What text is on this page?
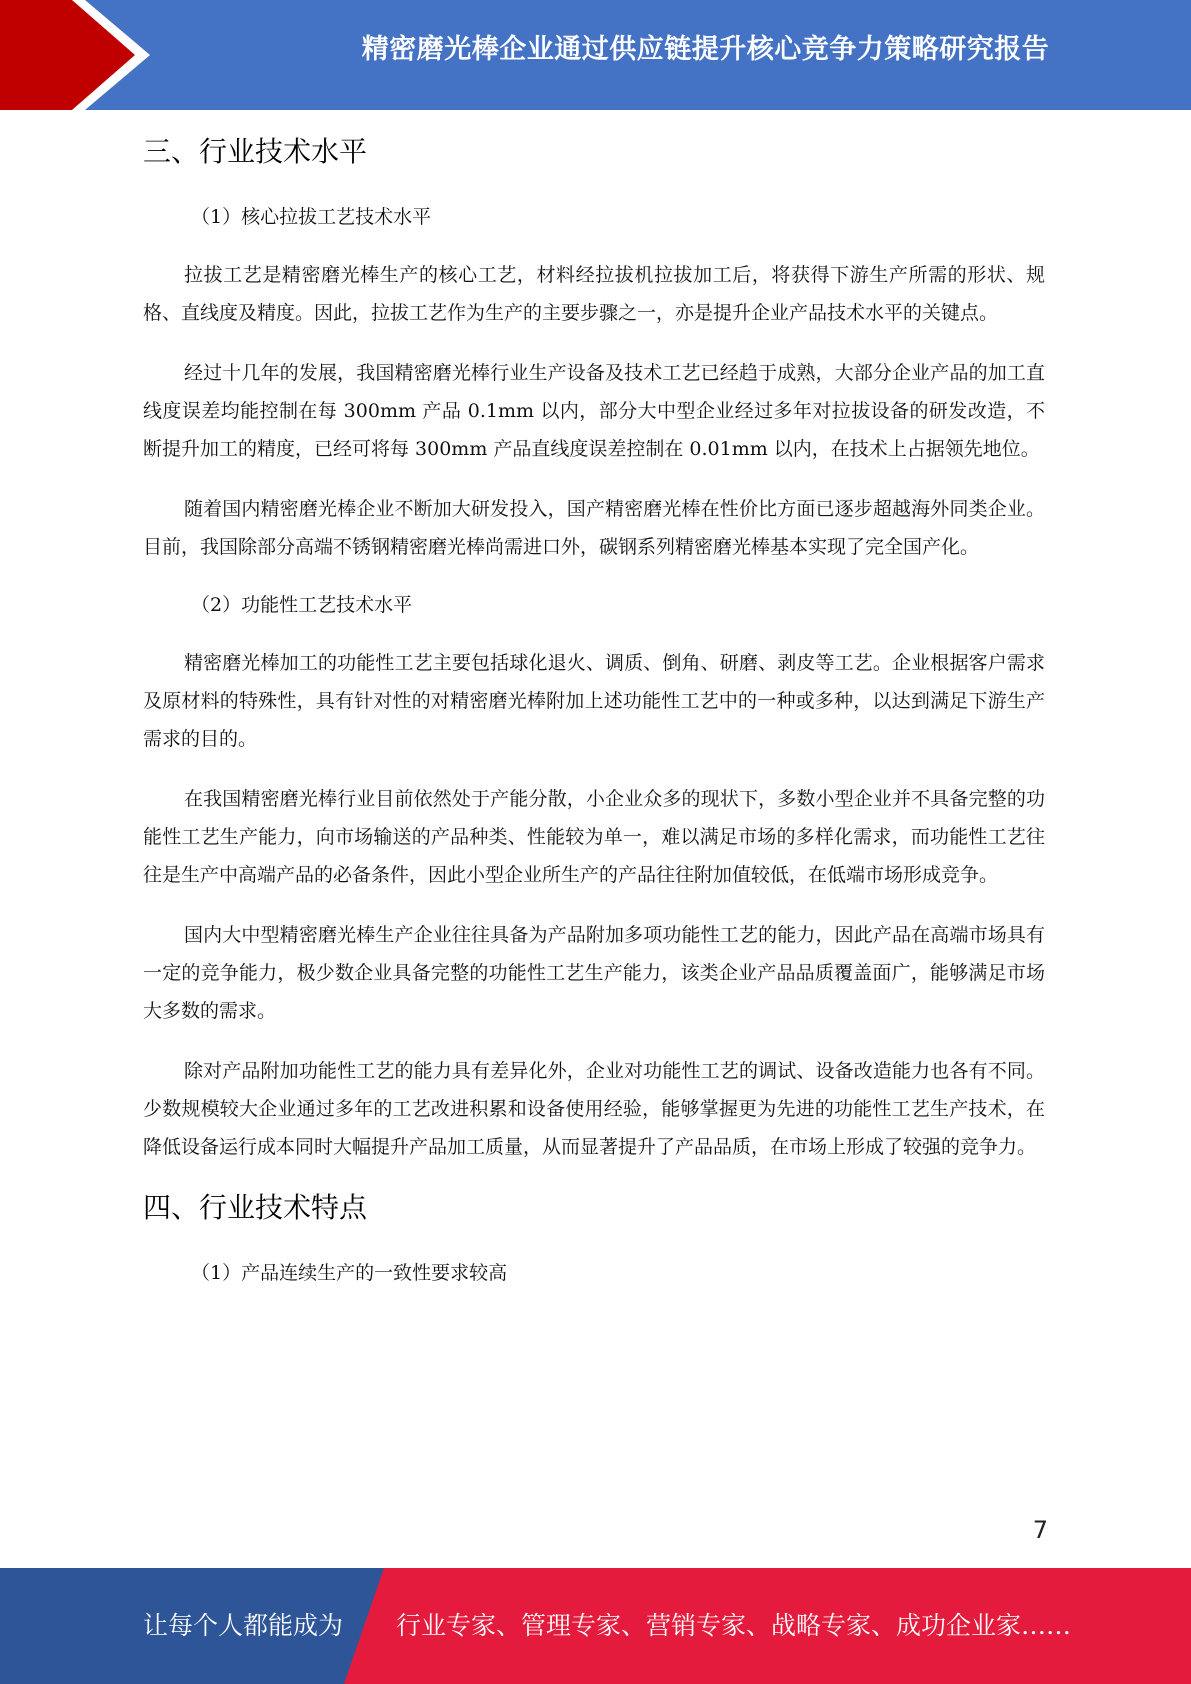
精密磨光棒企业通过供应链提升核心竞争力策略研究报告
三、行业技术水平
（1）核心拉拔工艺技术水平

拉拔工艺是精密磨光棒生产的核心工艺，材料经拉拔机拉拔加工后，将获得下游生产所需的形状、规格、直线度及精度。因此，拉拔工艺作为生产的主要步骤之一，亦是提升企业产品技术水平的关键点。

经过十几年的发展，我国精密磨光棒行业生产设备及技术工艺已经趋于成熟，大部分企业产品的加工直线度误差均能控制在每 300mm 产品 0.1mm 以内，部分大中型企业经过多年对拉拔设备的研发改造，不断提升加工的精度，已经可将每 300mm 产品直线度误差控制在 0.01mm 以内，在技术上占据领先地位。

随着国内精密磨光棒企业不断加大研发投入，国产精密磨光棒在性价比方面已逐步超越海外同类企业。目前，我国除部分高端不锈钢精密磨光棒尚需进口外，碳钢系列精密磨光棒基本实现了完全国产化。

（2）功能性工艺技术水平

精密磨光棒加工的功能性工艺主要包括球化退火、调质、倒角、研磨、剥皮等工艺。企业根据客户需求及原材料的特殊性，具有针对性的对精密磨光棒附加上述功能性工艺中的一种或多种，以达到满足下游生产需求的目的。

在我国精密磨光棒行业目前依然处于产能分散，小企业众多的现状下，多数小型企业并不具备完整的功能性工艺生产能力，向市场输送的产品种类、性能较为单一，难以满足市场的多样化需求，而功能性工艺往往是生产中高端产品的必备条件，因此小型企业所生产的产品往往附加值较低，在低端市场形成竞争。

国内大中型精密磨光棒生产企业往往具备为产品附加多项功能性工艺的能力，因此产品在高端市场具有一定的竞争能力，极少数企业具备完整的功能性工艺生产能力，该类企业产品品质覆盖面广，能够满足市场大多数的需求。

除对产品附加功能性工艺的能力具有差异化外，企业对功能性工艺的调试、设备改造能力也各有不同。少数规模较大企业通过多年的工艺改进积累和设备使用经验，能够掌握更为先进的功能性工艺生产技术，在降低设备运行成本同时大幅提升产品加工质量，从而显著提升了产品品质，在市场上形成了较强的竞争力。

四、行业技术特点
（1）产品连续生产的一致性要求较高
7
让每个人都能成为 行业专家、管理专家、营销专家、战略专家、成功企业家……
